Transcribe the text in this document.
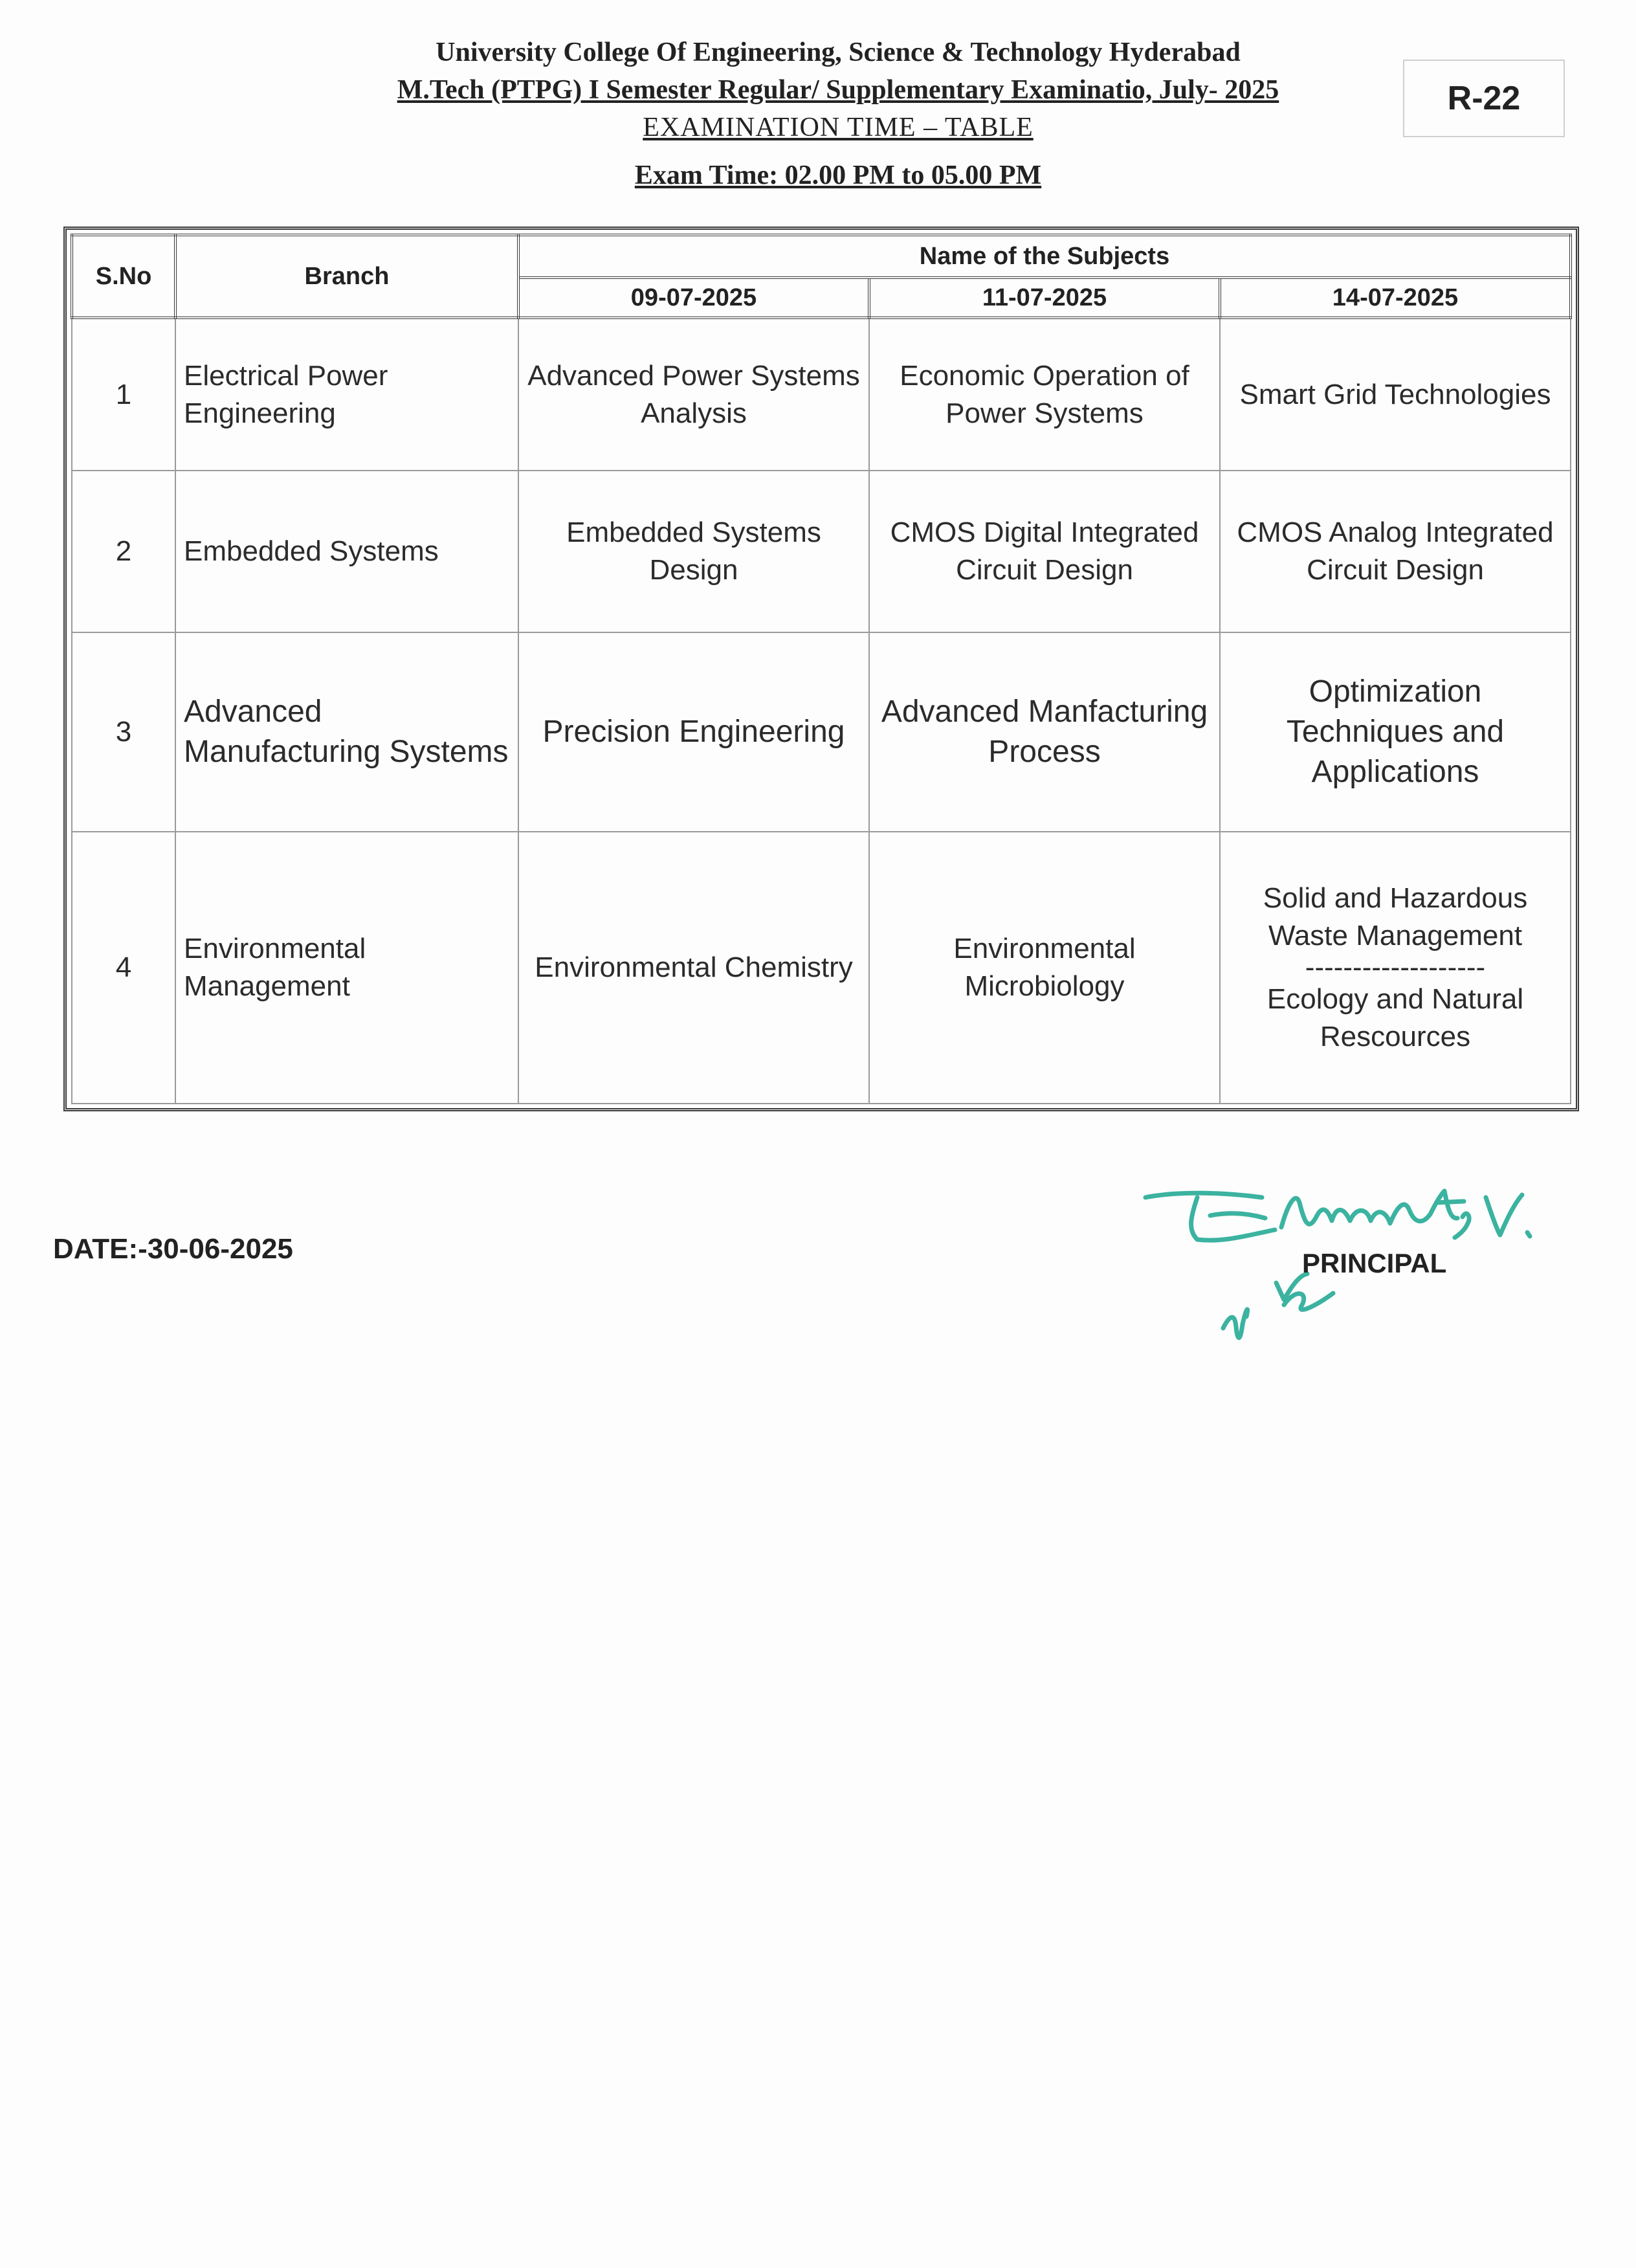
University College Of Engineering, Science & Technology Hyderabad
M.Tech (PTPG) I Semester Regular/ Supplementary Examinatio, July- 2025
EXAMINATION TIME – TABLE
Exam Time: 02.00 PM to 05.00 PM
R-22
S.No	Branch	Name of the Subjects		
		09-07-2025	11-07-2025	14-07-2025
1	Electrical Power Engineering	Advanced Power Systems Analysis	Economic Operation of Power Systems	Smart Grid Technologies
2	Embedded Systems	Embedded Systems Design	CMOS Digital Integrated Circuit Design	CMOS Analog Integrated Circuit Design
3	Advanced Manufacturing Systems	Precision Engineering	Advanced Manfacturing Process	Optimization Techniques and Applications
4	Environmental Management	Environmental Chemistry	Environmental Microbiology	Solid and Hazardous Waste Management
-------------------
Ecology and Natural Rescources
DATE:-30-06-2025	PRINCIPAL
